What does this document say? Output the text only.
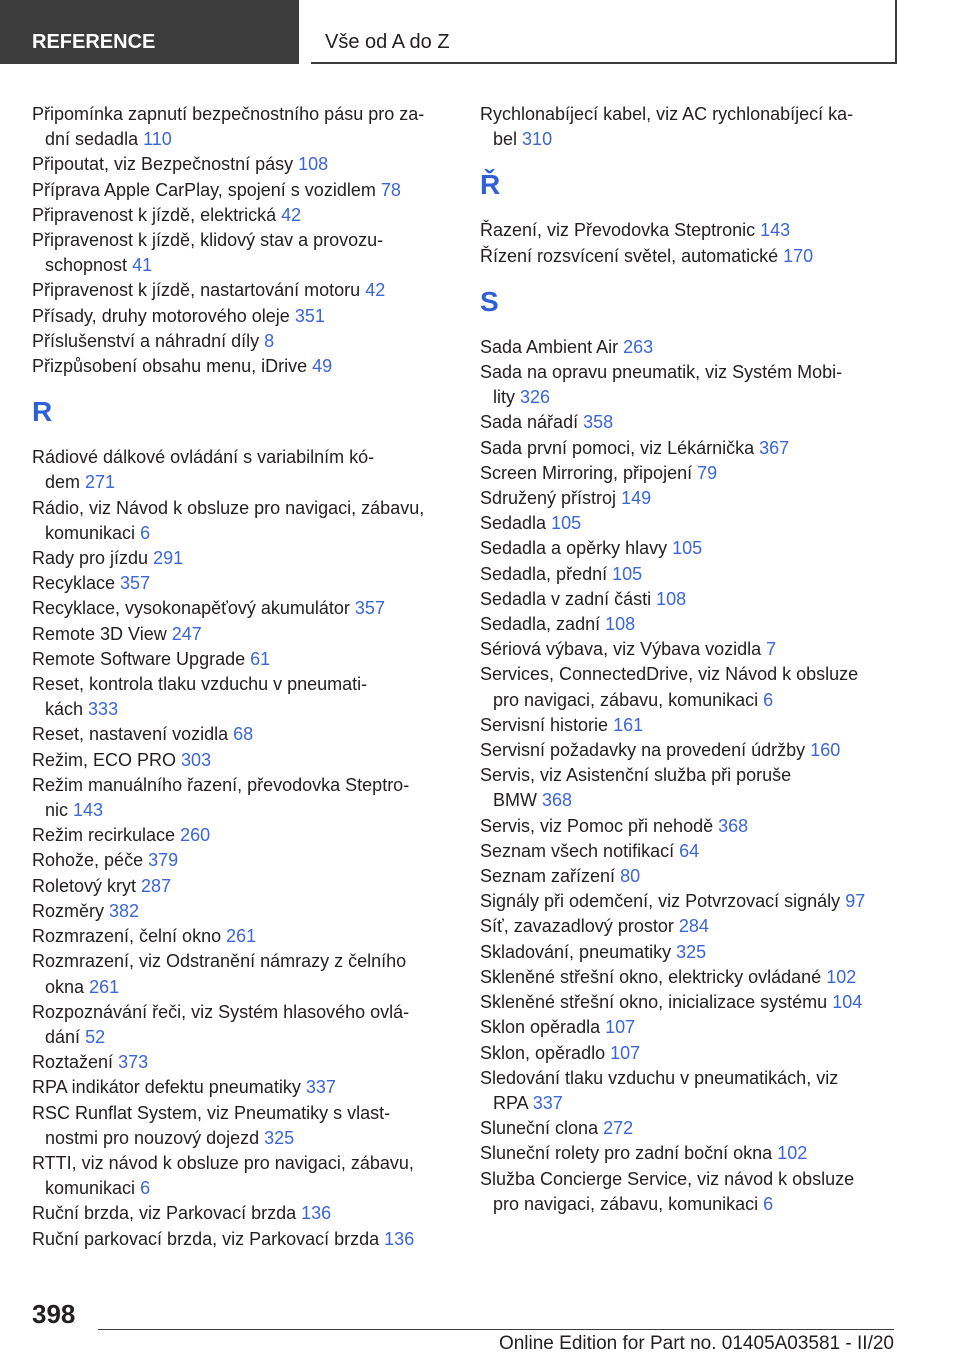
REFERENCE	Vše od A do Z
Připomínka zapnutí bezpečnostního pásu pro za‐
dní sedadla 110
Připoutat, viz Bezpečnostní pásy 108
Příprava Apple CarPlay, spojení s vozidlem 78
Připravenost k jízdě, elektrická 42
Připravenost k jízdě, klidový stav a provozu‐
schopnost 41
Připravenost k jízdě, nastartování motoru 42
Přísady, druhy motorového oleje 351
Příslušenství a náhradní díly 8
Přizpůsobení obsahu menu, iDrive 49
R
Rádiové dálkové ovládání s variabilním kó‐
dem 271
Rádio, viz Návod k obsluze pro navigaci, zábavu,
komunikaci 6
Rady pro jízdu 291
Recyklace 357
Recyklace, vysokonapěťový akumulátor 357
Remote 3D View 247
Remote Software Upgrade 61
Reset, kontrola tlaku vzduchu v pneumati‐
kách 333
Reset, nastavení vozidla 68
Režim, ECO PRO 303
Režim manuálního řazení, převodovka Steptro‐
nic 143
Režim recirkulace 260
Rohože, péče 379
Roletový kryt 287
Rozměry 382
Rozmrazení, čelní okno 261
Rozmrazení, viz Odstranění námrazy z čelního
okna 261
Rozpoznávání řeči, viz Systém hlasového ovlá‐
dání 52
Roztažení 373
RPA indikátor defektu pneumatiky 337
RSC Runflat System, viz Pneumatiky s vlast‐
nostmi pro nouzový dojezd 325
RTTI, viz návod k obsluze pro navigaci, zábavu,
komunikaci 6
Ruční brzda, viz Parkovací brzda 136
Ruční parkovací brzda, viz Parkovací brzda 136
Rychlonabíjecí kabel, viz AC rychlonabíjecí ka‐
bel 310
Ř
Řazení, viz Převodovka Steptronic 143
Řízení rozsvícení světel, automatické 170
S
Sada Ambient Air 263
Sada na opravu pneumatik, viz Systém Mobi‐
lity 326
Sada nářadí 358
Sada první pomoci, viz Lékárnička 367
Screen Mirroring, připojení 79
Sdružený přístroj 149
Sedadla 105
Sedadla a opěrky hlavy 105
Sedadla, přední 105
Sedadla v zadní části 108
Sedadla, zadní 108
Sériová výbava, viz Výbava vozidla 7
Services, ConnectedDrive, viz Návod k obsluze
pro navigaci, zábavu, komunikaci 6
Servisní historie 161
Servisní požadavky na provedení údržby 160
Servis, viz Asistenční služba při poruše
BMW 368
Servis, viz Pomoc při nehodě 368
Seznam všech notifikací 64
Seznam zařízení 80
Signály při odemčení, viz Potvrzovací signály 97
Síť, zavazadlový prostor 284
Skladování, pneumatiky 325
Skleněné střešní okno, elektricky ovládané 102
Skleněné střešní okno, inicializace systému 104
Sklon opěradla 107
Sklon, opěradlo 107
Sledování tlaku vzduchu v pneumatikách, viz
RPA 337
Sluneční clona 272
Sluneční rolety pro zadní boční okna 102
Služba Concierge Service, viz návod k obsluze
pro navigaci, zábavu, komunikaci 6
398
Online Edition for Part no. 01405A03581 - II/20
